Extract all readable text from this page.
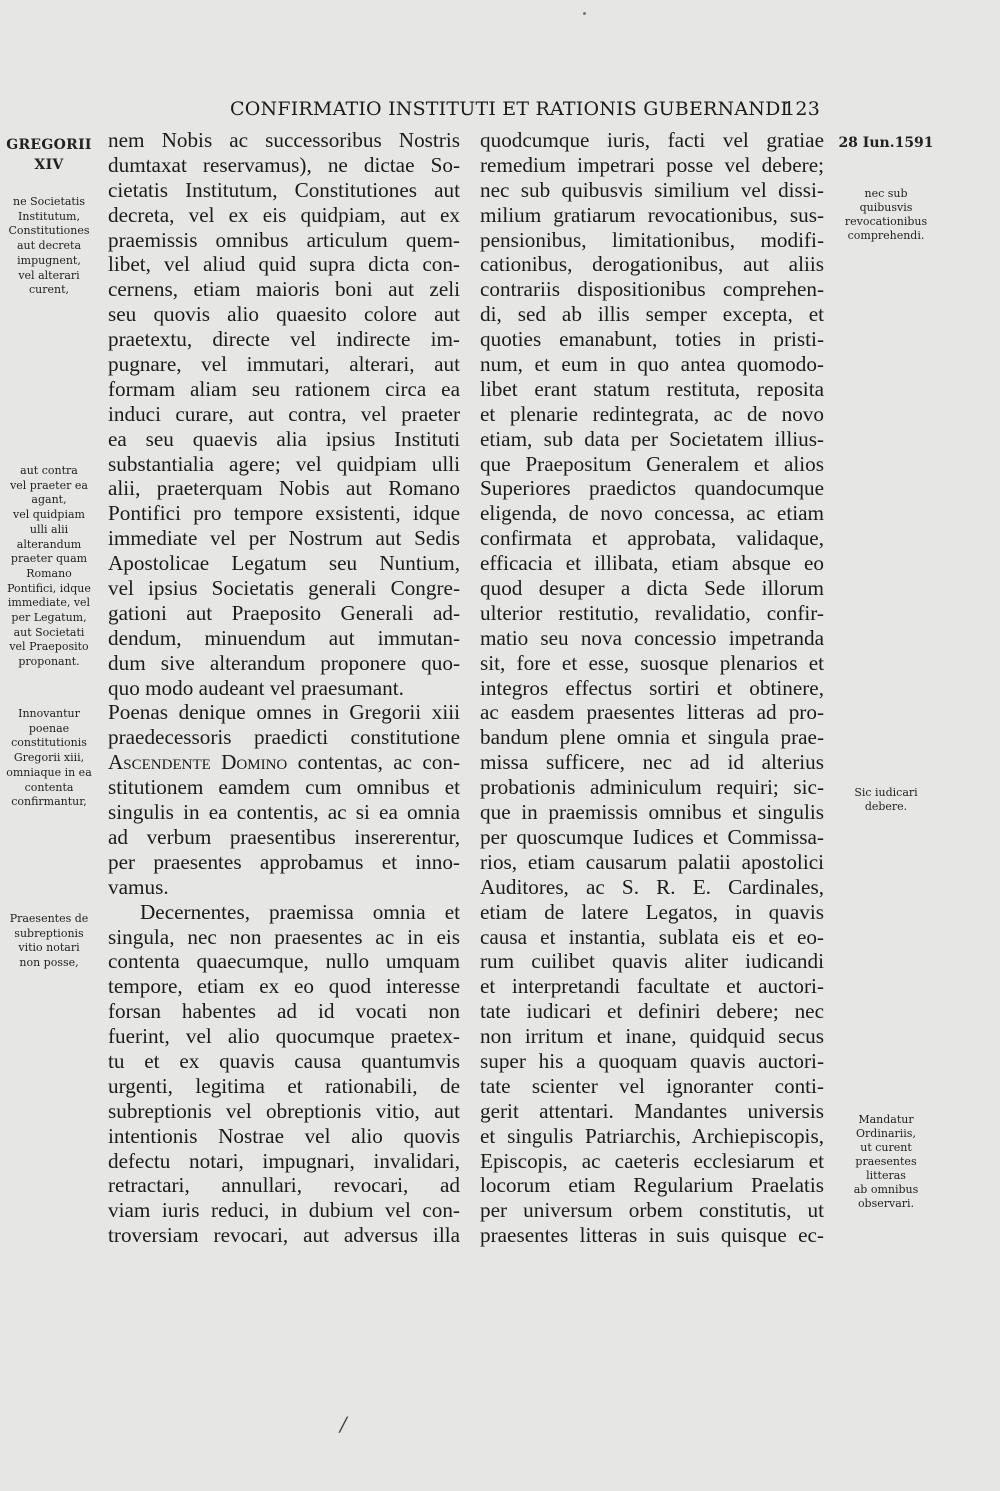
CONFIRMATIO INSTITUTI ET RATIONIS GUBERNANDI
123
GREGORII
XIV
ne Societatis
Institutum,
Constitutiones
aut decreta
impugnent,
vel alterari
curent,
aut contra
vel praeter ea
agant,
vel quidpiam
ulli alii
alterandum
praeter quam
Romano
Pontifici, idque
immediate, vel
per Legatum,
aut Societati
vel Praeposito
proponant.
Innovantur
poenae
constitutionis
Gregorii xiii,
omniaque in ea
contenta
confirmantur,
Praesentes de
subreptionis
vitio notari
non posse,
28 Iun.1591
nec sub
quibusvis
revocationibus
comprehendi.
Sic iudicari
debere.
Mandatur
Ordinariis,
ut curent
praesentes
litteras
ab omnibus
observari.
nem Nobis ac successoribus Nostris
dumtaxat reservamus), ne dictae So-
cietatis Institutum, Constitutiones aut
decreta, vel ex eis quidpiam, aut ex
praemissis omnibus articulum quem-
libet, vel aliud quid supra dicta con-
cernens, etiam maioris boni aut zeli
seu quovis alio quaesito colore aut
praetextu, directe vel indirecte im-
pugnare, vel immutari, alterari, aut
formam aliam seu rationem circa ea
induci curare, aut contra, vel praeter
ea seu quaevis alia ipsius Instituti
substantialia agere; vel quidpiam ulli
alii, praeterquam Nobis aut Romano
Pontifici pro tempore exsistenti, idque
immediate vel per Nostrum aut Sedis
Apostolicae Legatum seu Nuntium,
vel ipsius Societatis generali Congre-
gationi aut Praeposito Generali ad-
dendum, minuendum aut immutan-
dum sive alterandum proponere quo-
quo modo audeant vel praesumant.
Poenas denique omnes in Gregorii xiii
praedecessoris praedicti constitutione
Ascendente Domino contentas, ac con-
stitutionem eamdem cum omnibus et
singulis in ea contentis, ac si ea omnia
ad verbum praesentibus insererentur,
per praesentes approbamus et inno-
vamus.
Decernentes, praemissa omnia et
singula, nec non praesentes ac in eis
contenta quaecumque, nullo umquam
tempore, etiam ex eo quod interesse
forsan habentes ad id vocati non
fuerint, vel alio quocumque praetex-
tu et ex quavis causa quantumvis
urgenti, legitima et rationabili, de
subreptionis vel obreptionis vitio, aut
intentionis Nostrae vel alio quovis
defectu notari, impugnari, invalidari,
retractari, annullari, revocari, ad
viam iuris reduci, in dubium vel con-
troversiam revocari, aut adversus illa
quodcumque iuris, facti vel gratiae
remedium impetrari posse vel debere;
nec sub quibusvis similium vel dissi-
milium gratiarum revocationibus, sus-
pensionibus, limitationibus, modifi-
cationibus, derogationibus, aut aliis
contrariis dispositionibus comprehen-
di, sed ab illis semper excepta, et
quoties emanabunt, toties in pristi-
num, et eum in quo antea quomodo-
libet erant statum restituta, reposita
et plenarie redintegrata, ac de novo
etiam, sub data per Societatem illius-
que Praepositum Generalem et alios
Superiores praedictos quandocumque
eligenda, de novo concessa, ac etiam
confirmata et approbata, validaque,
efficacia et illibata, etiam absque eo
quod desuper a dicta Sede illorum
ulterior restitutio, revalidatio, confir-
matio seu nova concessio impetranda
sit, fore et esse, suosque plenarios et
integros effectus sortiri et obtinere,
ac easdem praesentes litteras ad pro-
bandum plene omnia et singula prae-
missa sufficere, nec ad id alterius
probationis adminiculum requiri; sic-
que in praemissis omnibus et singulis
per quoscumque Iudices et Commissa-
rios, etiam causarum palatii apostolici
Auditores, ac S. R. E. Cardinales,
etiam de latere Legatos, in quavis
causa et instantia, sublata eis et eo-
rum cuilibet quavis aliter iudicandi
et interpretandi facultate et auctori-
tate iudicari et definiri debere; nec
non irritum et inane, quidquid secus
super his a quoquam quavis auctori-
tate scienter vel ignoranter conti-
gerit attentari. Mandantes universis
et singulis Patriarchis, Archiepiscopis,
Episcopis, ac caeteris ecclesiarum et
locorum etiam Regularium Praelatis
per universum orbem constitutis, ut
praesentes litteras in suis quisque ec-
/
